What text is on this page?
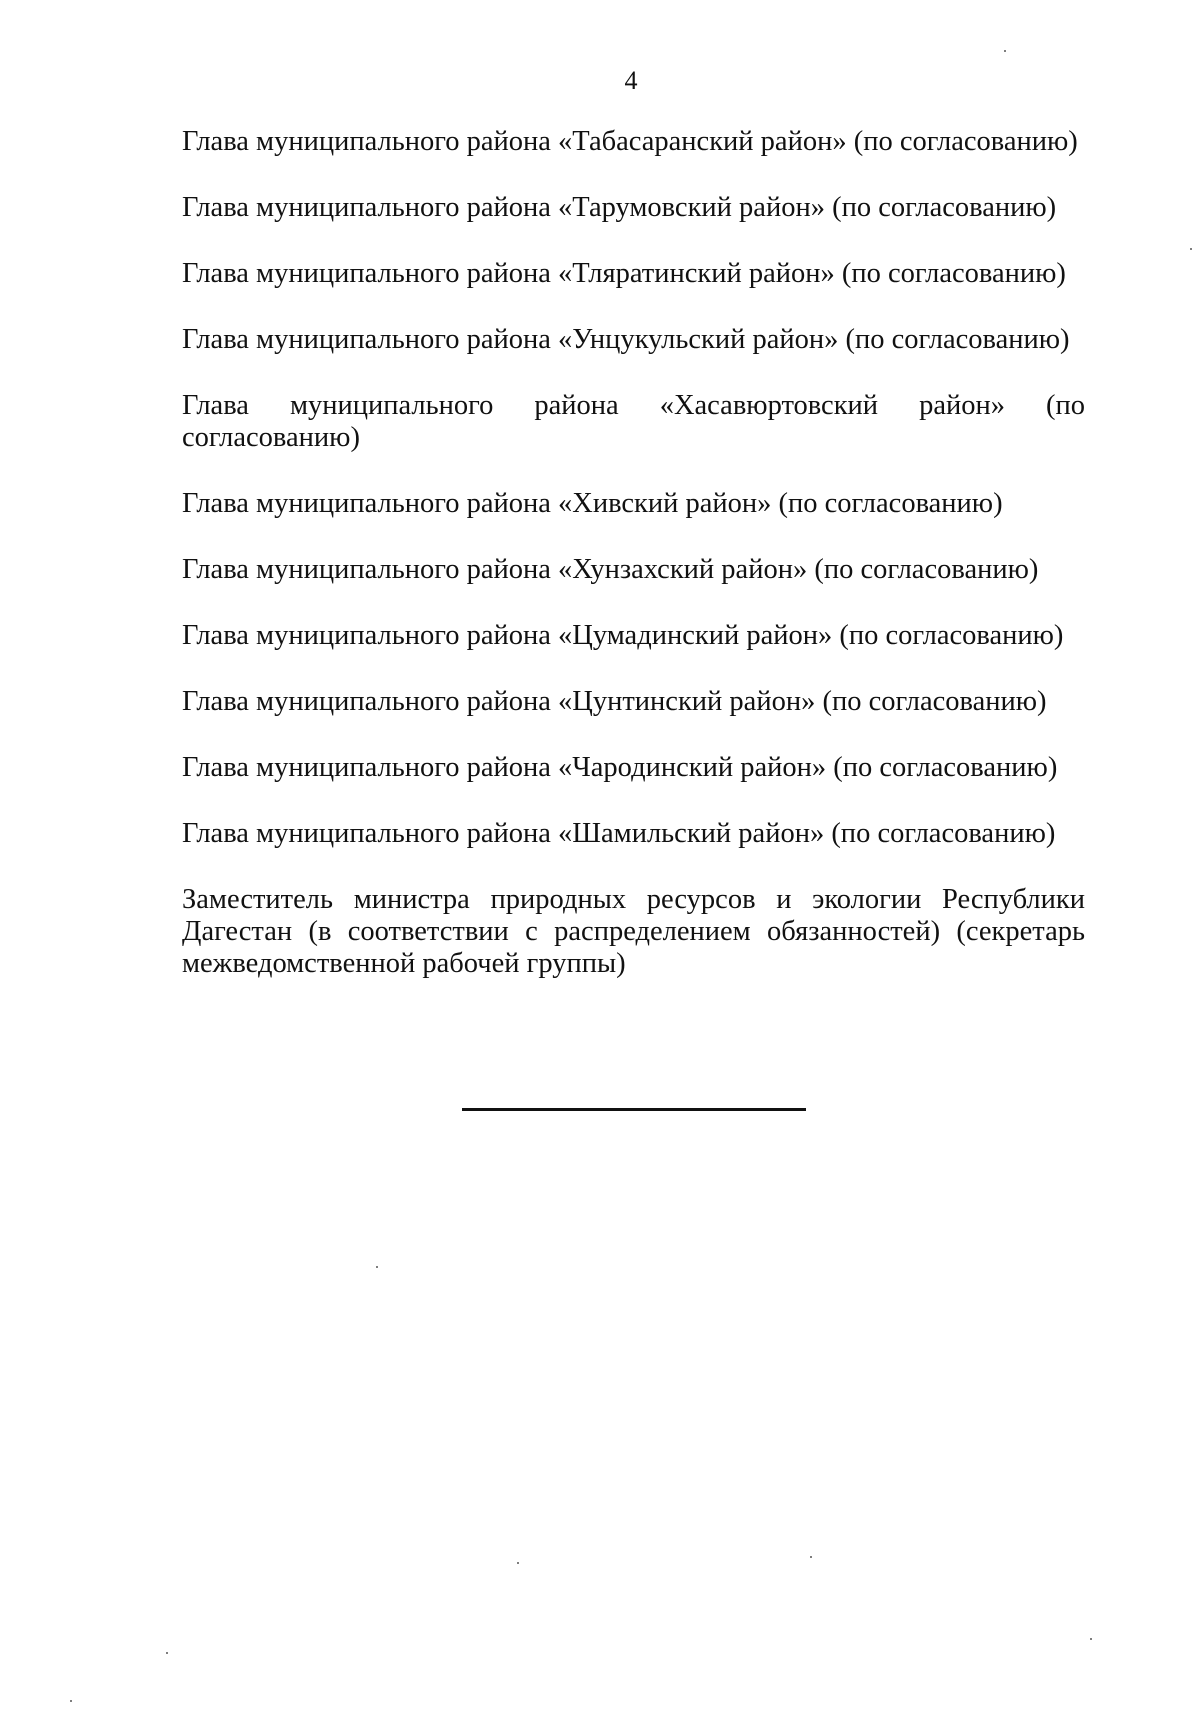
4
Глава муниципального района «Табасаранский район» (по согласованию)
Глава муниципального района «Тарумовский район» (по согласованию)
Глава муниципального района «Тляратинский район» (по согласованию)
Глава муниципального района «Унцукульский район» (по согласованию)
Глава муниципального района «Хасавюртовский район» (по согласованию)
Глава муниципального района «Хивский район» (по согласованию)
Глава муниципального района «Хунзахский район» (по согласованию)
Глава муниципального района «Цумадинский район» (по согласованию)
Глава муниципального района «Цунтинский район» (по согласованию)
Глава муниципального района «Чародинский район» (по согласованию)
Глава муниципального района «Шамильский район» (по согласованию)
Заместитель министра природных ресурсов и экологии Республики Дагестан (в соответствии с распределением обязанностей) (секретарь межведомственной рабочей группы)
